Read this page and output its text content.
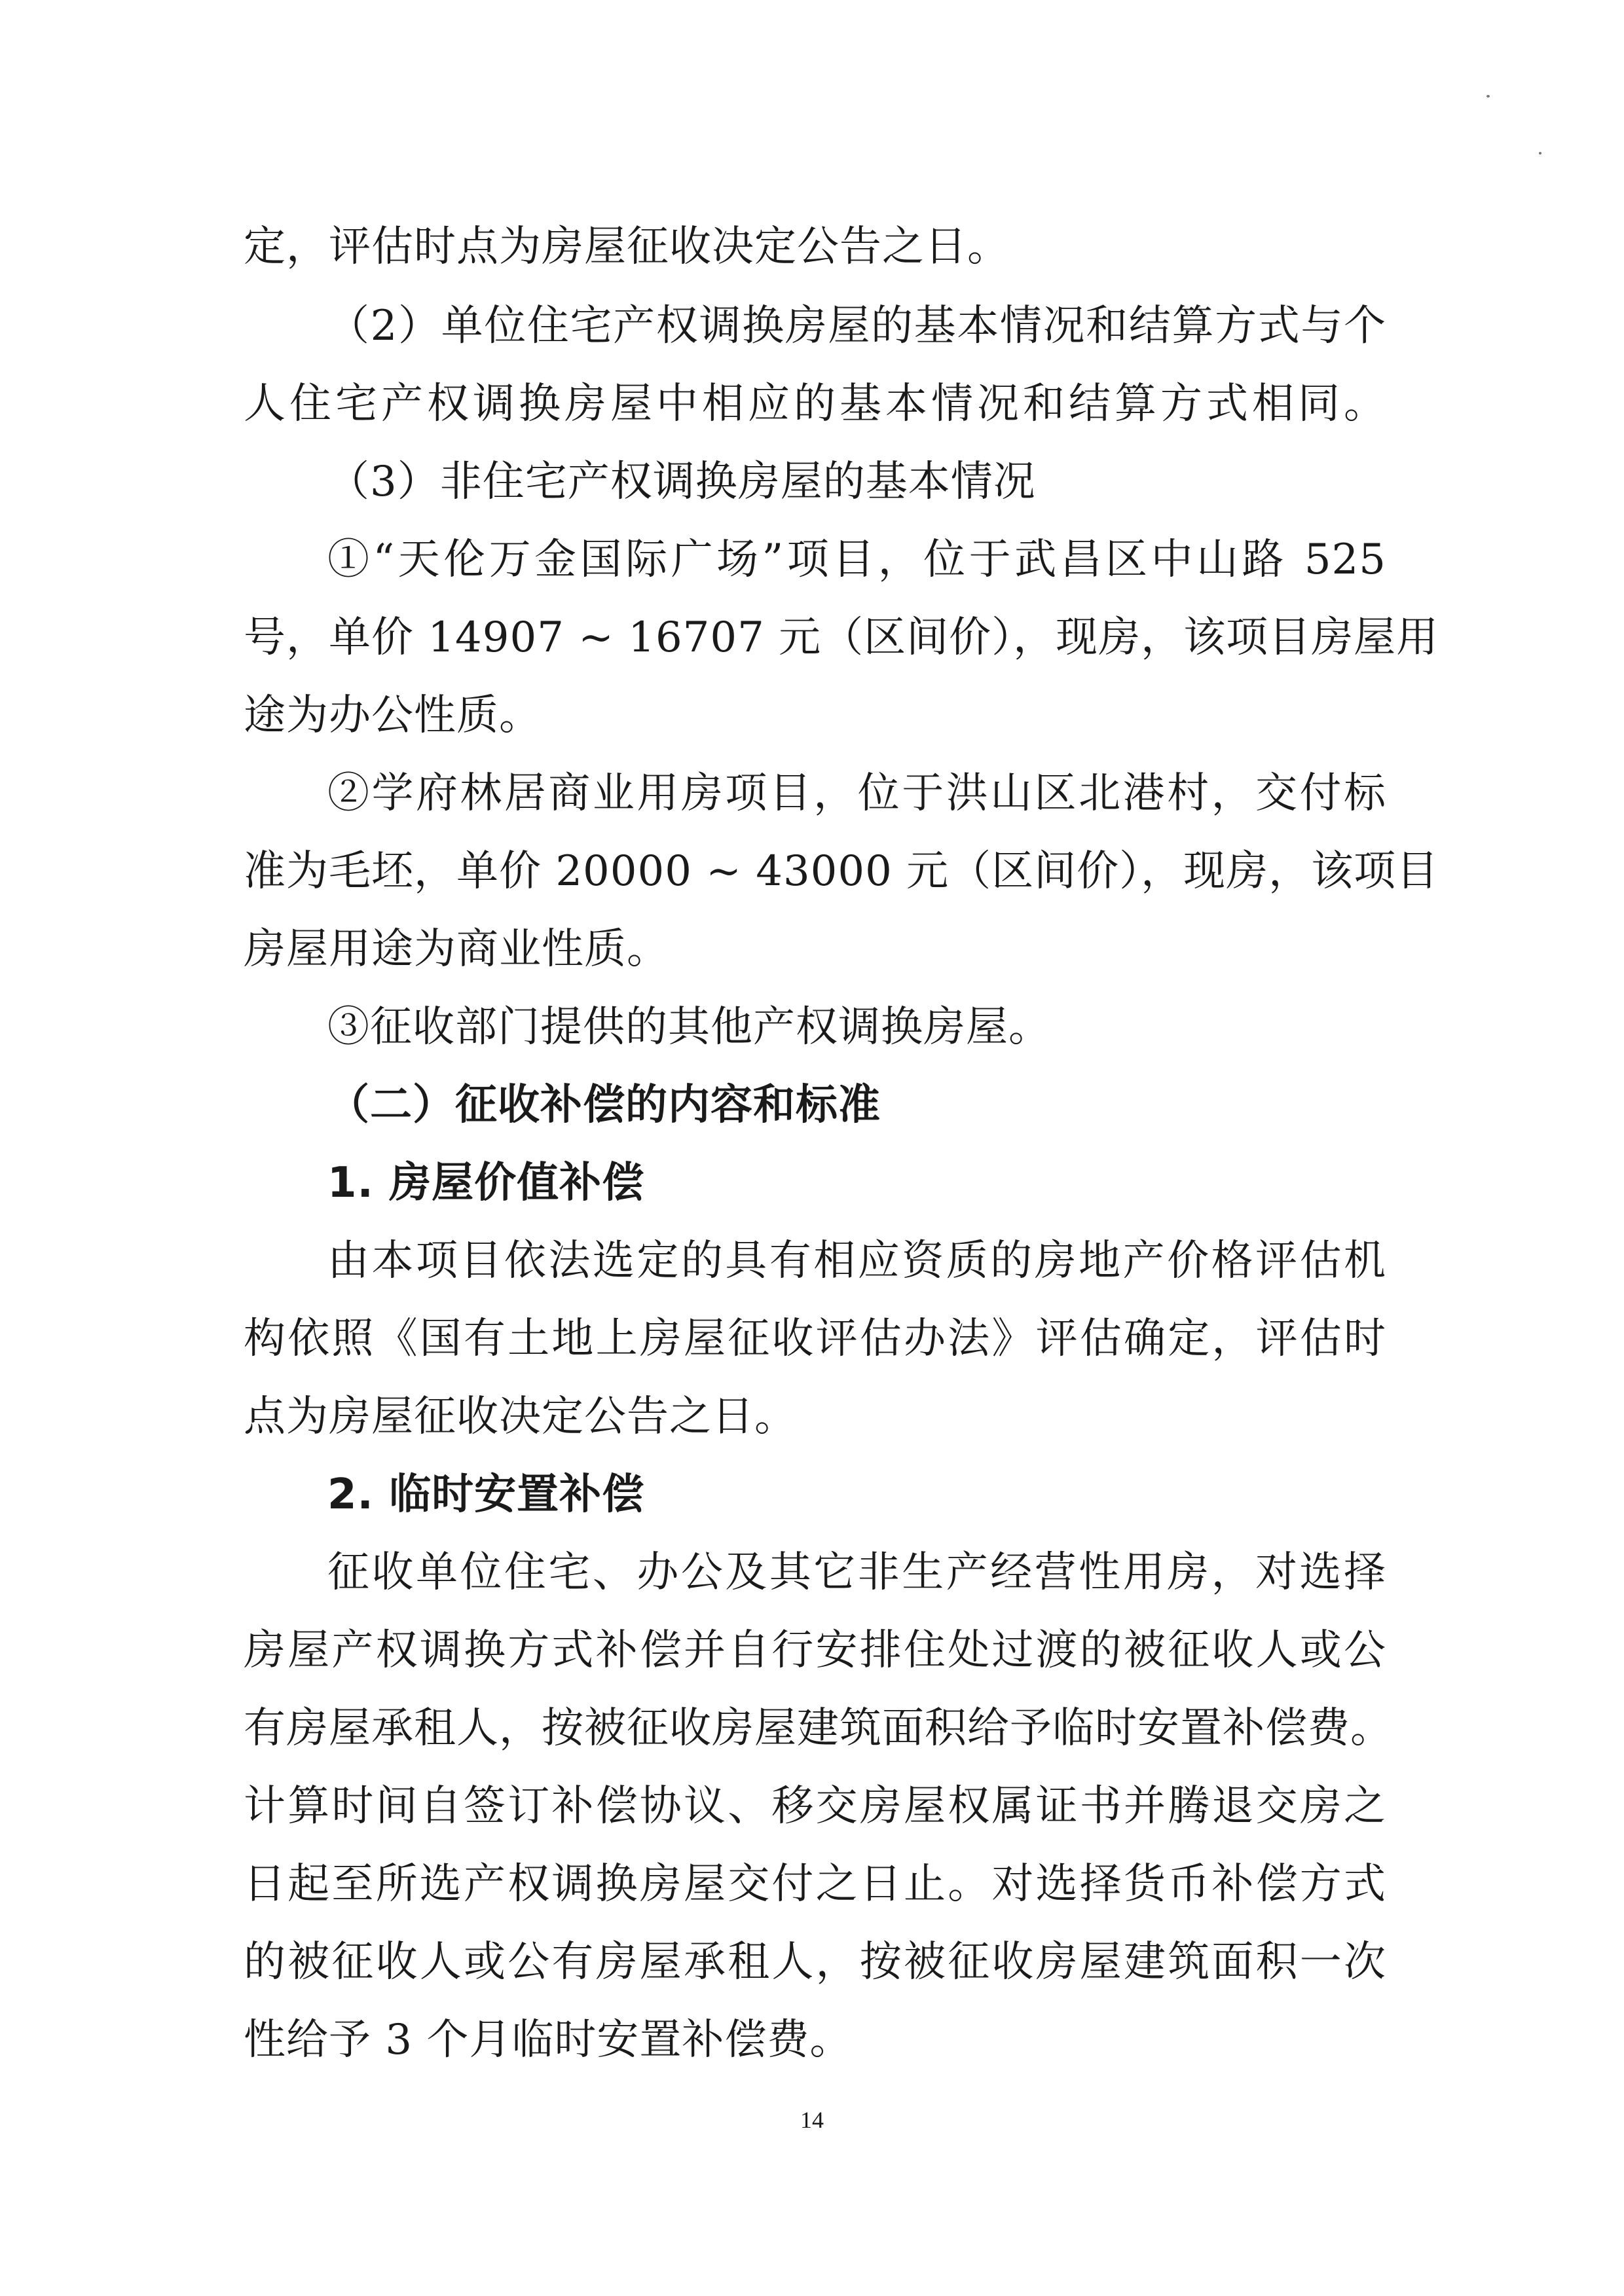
定，评估时点为房屋征收决定公告之日。
（2）单位住宅产权调换房屋的基本情况和结算方式与个
人住宅产权调换房屋中相应的基本情况和结算方式相同。
（3）非住宅产权调换房屋的基本情况
①“天伦万金国际广场”项目，位于武昌区中山路 525
号，单价 14907 ~ 16707 元（区间价），现房，该项目房屋用
途为办公性质。
②学府林居商业用房项目，位于洪山区北港村，交付标
准为毛坯，单价 20000 ~ 43000 元（区间价），现房，该项目
房屋用途为商业性质。
③征收部门提供的其他产权调换房屋。
（二）征收补偿的内容和标准
1. 房屋价值补偿
由本项目依法选定的具有相应资质的房地产价格评估机
构依照《国有土地上房屋征收评估办法》评估确定，评估时
点为房屋征收决定公告之日。
2. 临时安置补偿
征收单位住宅、办公及其它非生产经营性用房，对选择
房屋产权调换方式补偿并自行安排住处过渡的被征收人或公
有房屋承租人，按被征收房屋建筑面积给予临时安置补偿费。
计算时间自签订补偿协议、移交房屋权属证书并腾退交房之
日起至所选产权调换房屋交付之日止。对选择货币补偿方式
的被征收人或公有房屋承租人，按被征收房屋建筑面积一次
性给予 3 个月临时安置补偿费。
14
